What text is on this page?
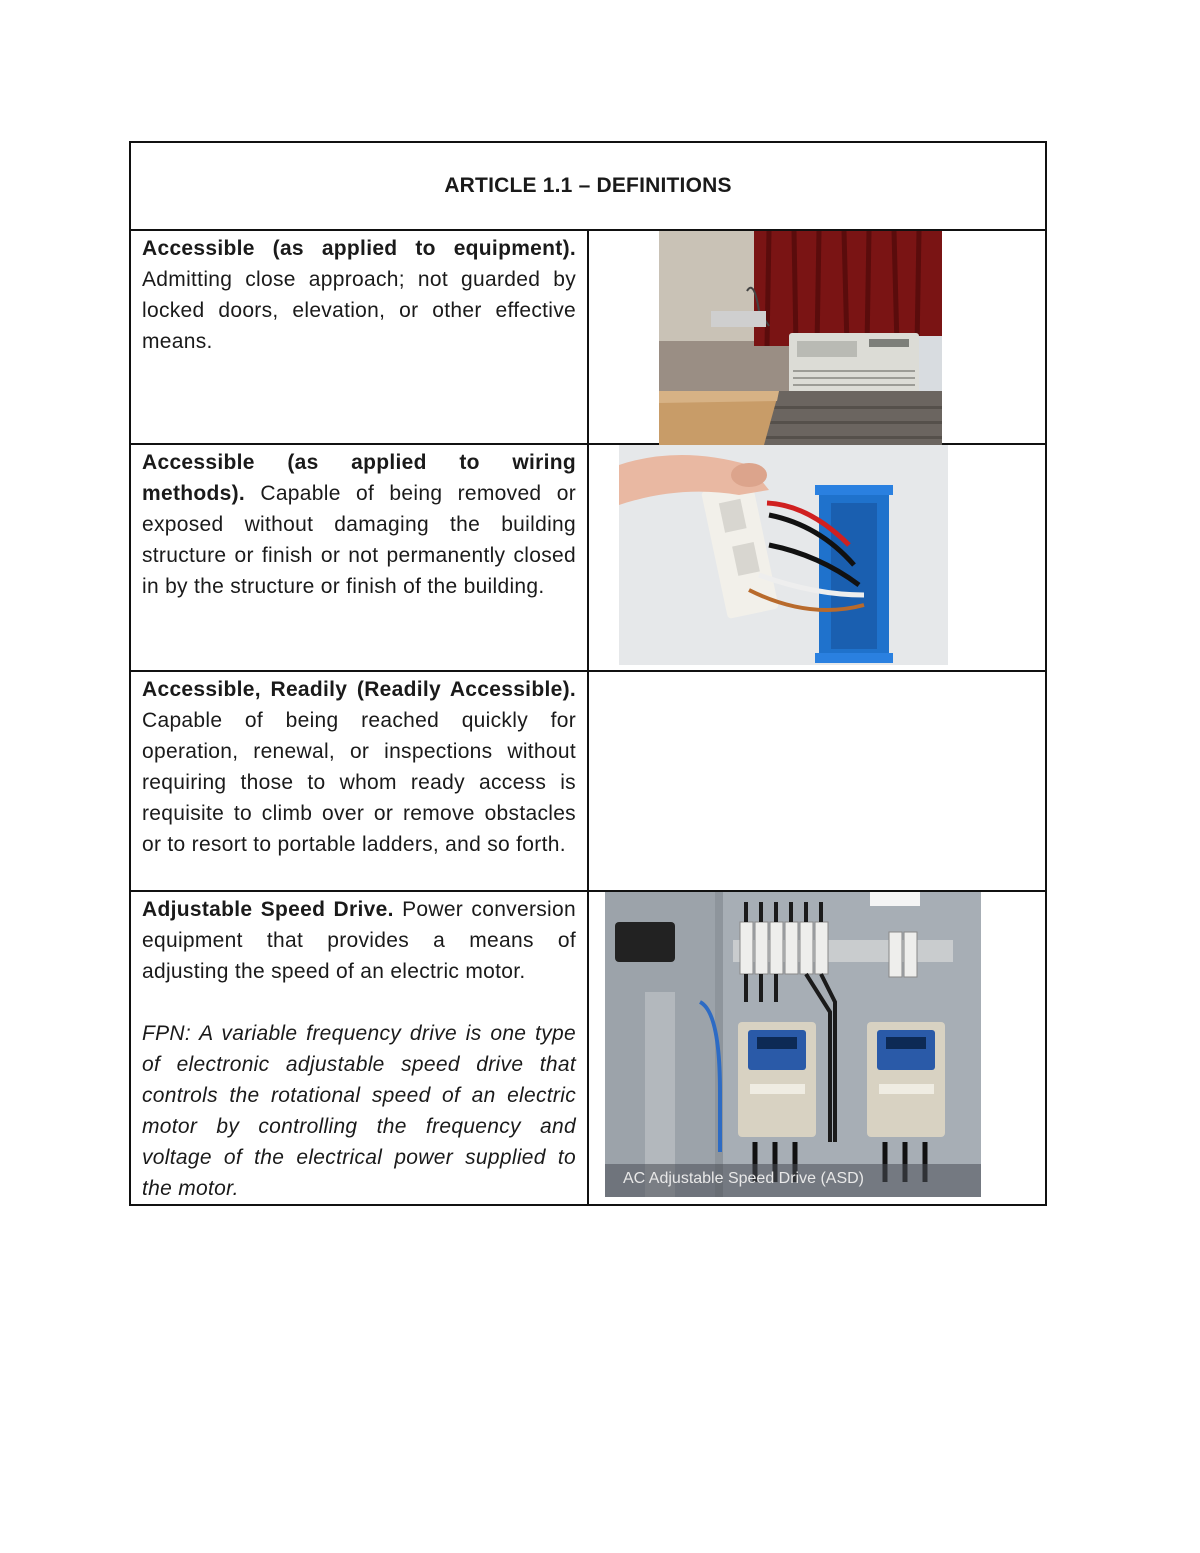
ARTICLE 1.1 – DEFINITIONS	

Accessible (as applied to equipment). Admitting close approach; not guarded by locked doors, elevation, or other effective means.

Accessible (as applied to wiring methods). Capable of being removed or exposed without damaging the building structure or finish or not permanently closed in by the structure or finish of the building.

Accessible, Readily (Readily Accessible). Capable of being reached quickly for operation, renewal, or inspections without requiring those to whom ready access is requisite to climb over or remove obstacles or to resort to portable ladders, and so forth.	

Adjustable Speed Drive. Power conversion equipment that provides a means of adjusting the speed of an electric motor.

FPN: A variable frequency drive is one type of electronic adjustable speed drive that controls the rotational speed of an electric motor by controlling the frequency and voltage of the electrical power supplied to the motor.	AC Adjustable Speed Drive (ASD)
